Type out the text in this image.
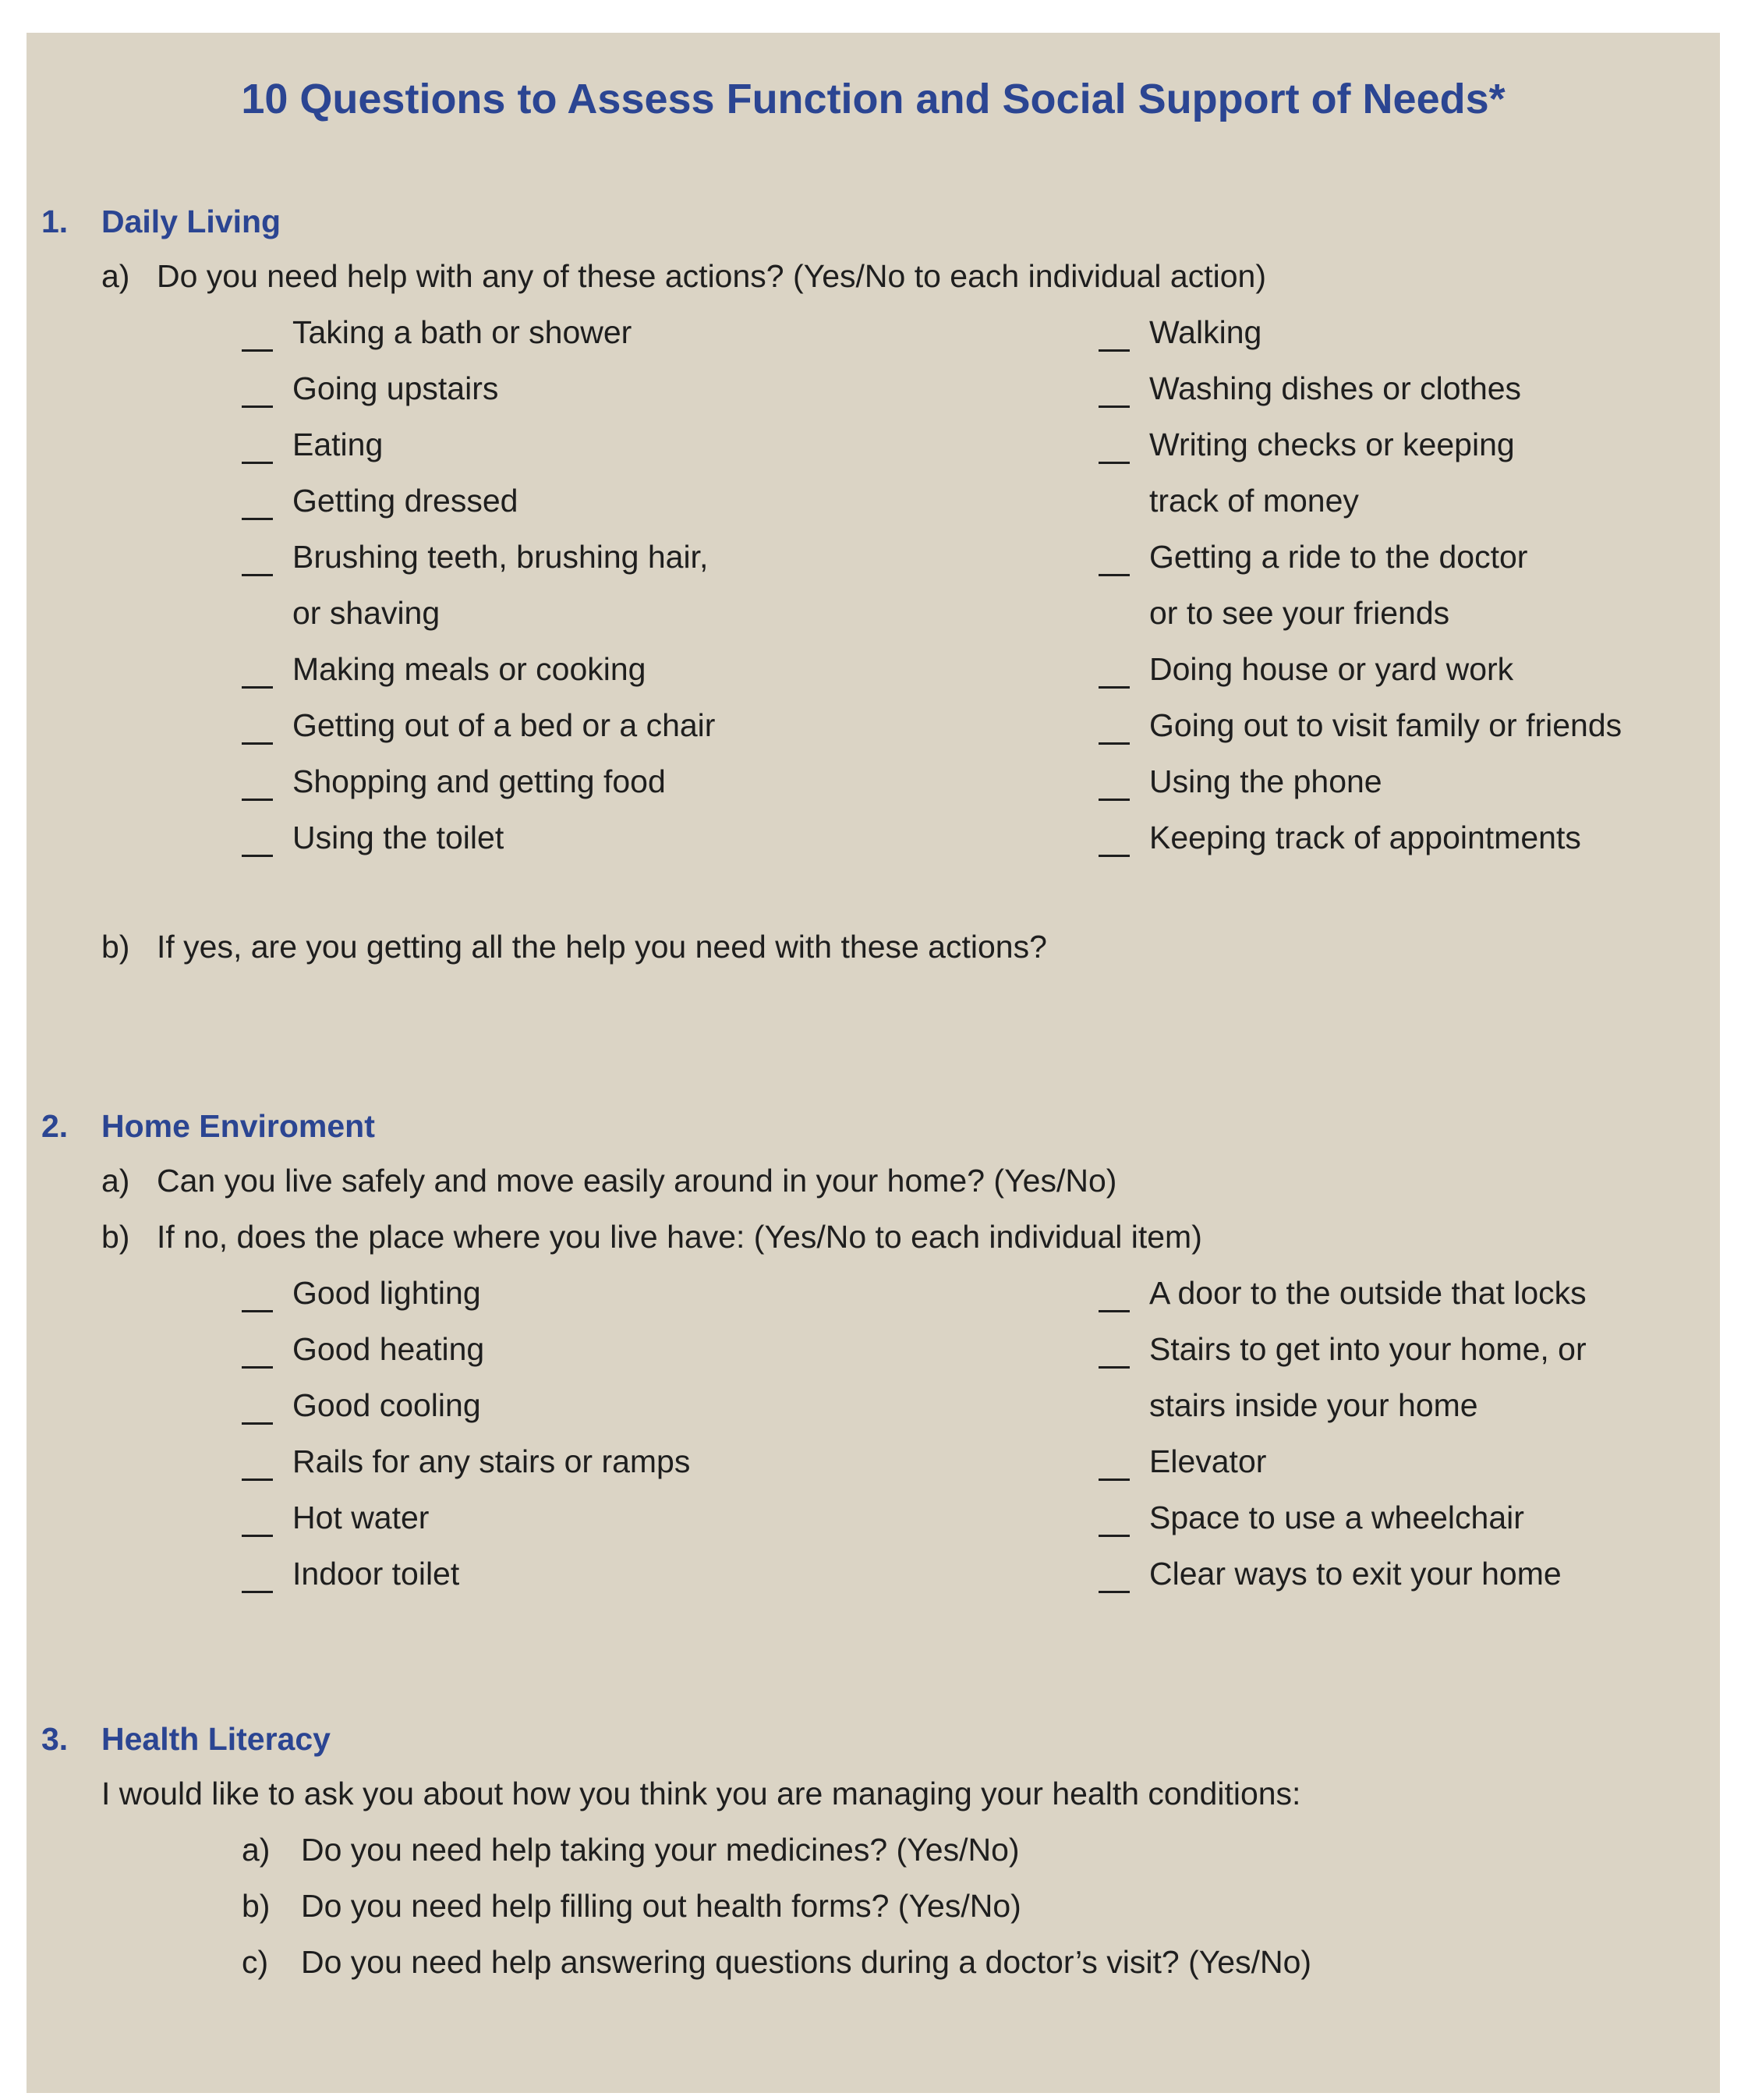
10 Questions to Assess Function and Social Support of Needs*
1. Daily Living
a) Do you need help with any of these actions? (Yes/No to each individual action)
Taking a bath or shower
Going upstairs
Eating
Getting dressed
Brushing teeth, brushing hair,
or shaving
Making meals or cooking
Getting out of a bed or a chair
Shopping and getting food
Using the toilet
Walking
Washing dishes or clothes
Writing checks or keeping
track of money
Getting a ride to the doctor
or to see your friends
Doing house or yard work
Going out to visit family or friends
Using the phone
Keeping track of appointments
b) If yes, are you getting all the help you need with these actions?
2. Home Enviroment
a) Can you live safely and move easily around in your home? (Yes/No)
b) If no, does the place where you live have: (Yes/No to each individual item)
Good lighting
Good heating
Good cooling
Rails for any stairs or ramps
Hot water
Indoor toilet
A door to the outside that locks
Stairs to get into your home, or
stairs inside your home
Elevator
Space to use a wheelchair
Clear ways to exit your home
3. Health Literacy
I would like to ask you about how you think you are managing your health conditions:
a) Do you need help taking your medicines? (Yes/No)
b) Do you need help filling out health forms? (Yes/No)
c) Do you need help answering questions during a doctor’s visit? (Yes/No)
